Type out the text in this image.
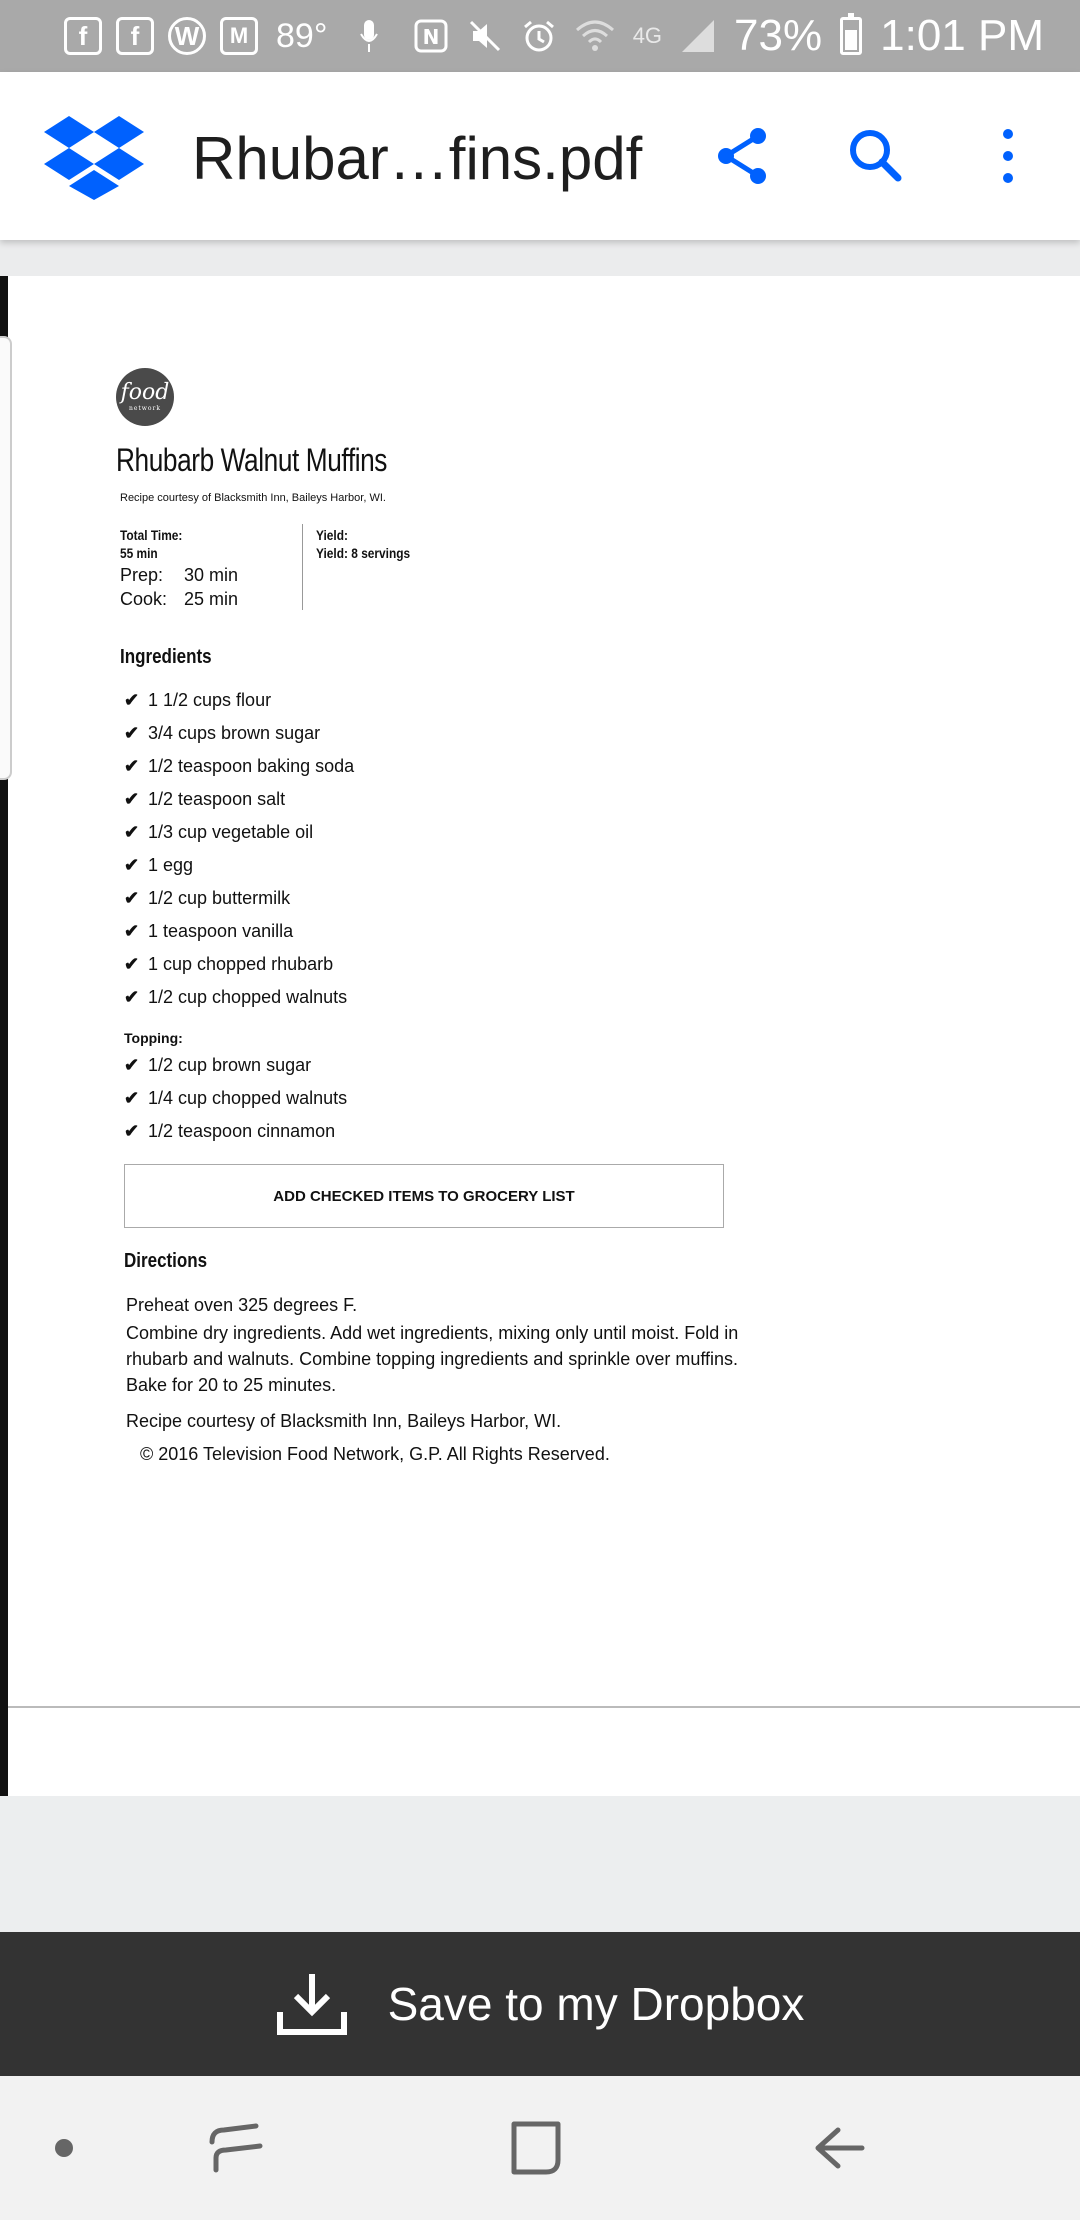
f	f	W	M 89°	N	4G 73% 1:01 PM
Rhubar…fins.pdf
food
network
Rhubarb Walnut Muffins
Recipe courtesy of Blacksmith Inn, Baileys Harbor, WI.
Total Time:
55 min
Prep: 30 min
Cook: 25 min
Yield:
Yield: 8 servings
Ingredients
✔ 1 1/2 cups flour
✔ 3/4 cups brown sugar
✔ 1/2 teaspoon baking soda
✔ 1/2 teaspoon salt
✔ 1/3 cup vegetable oil
✔ 1 egg
✔ 1/2 cup buttermilk
✔ 1 teaspoon vanilla
✔ 1 cup chopped rhubarb
✔ 1/2 cup chopped walnuts
Topping:
✔ 1/2 cup brown sugar
✔ 1/4 cup chopped walnuts
✔ 1/2 teaspoon cinnamon
ADD CHECKED ITEMS TO GROCERY LIST
Directions
Preheat oven 325 degrees F.
Combine dry ingredients. Add wet ingredients, mixing only until moist. Fold in rhubarb and walnuts. Combine topping ingredients and sprinkle over muffins. Bake for 20 to 25 minutes.
Recipe courtesy of Blacksmith Inn, Baileys Harbor, WI.
© 2016 Television Food Network, G.P. All Rights Reserved.
Save to my Dropbox
